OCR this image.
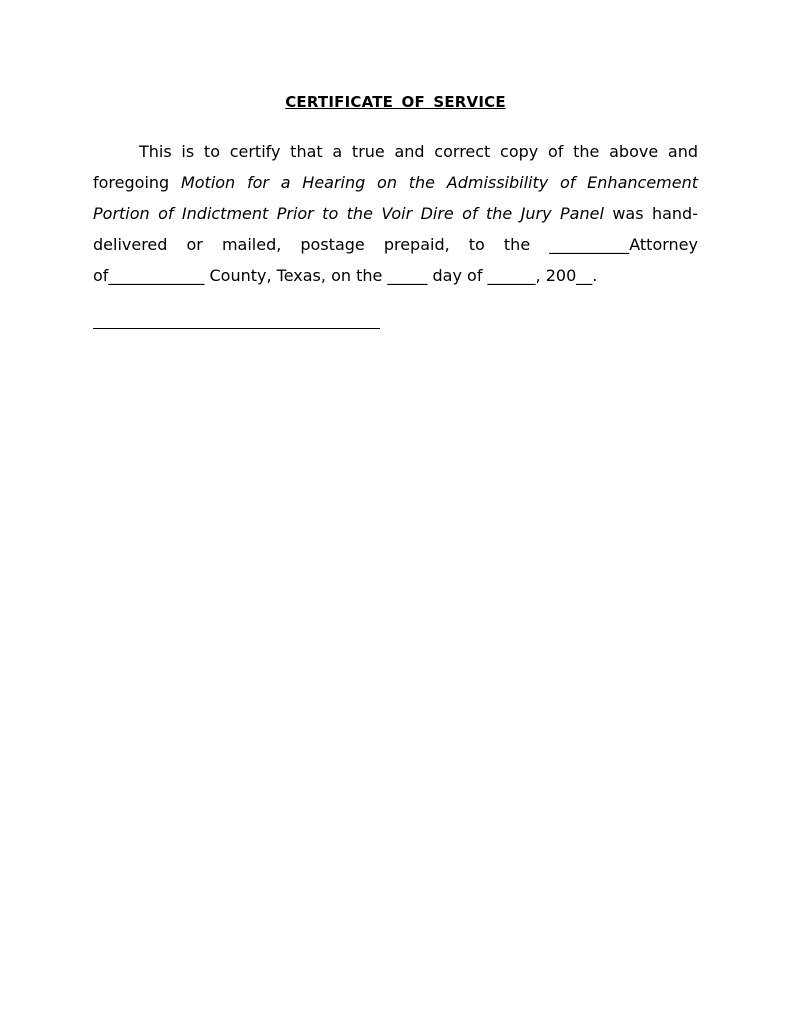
CERTIFICATE OF SERVICE

This is to certify that a true and correct copy of the above and foregoing Motion for a Hearing on the Admissibility of Enhancement Portion of Indictment Prior to the Voir Dire of the Jury Panel was hand-delivered or mailed, postage prepaid, to the __________Attorney of____________ County, Texas, on the _____ day of ______, 200__.
